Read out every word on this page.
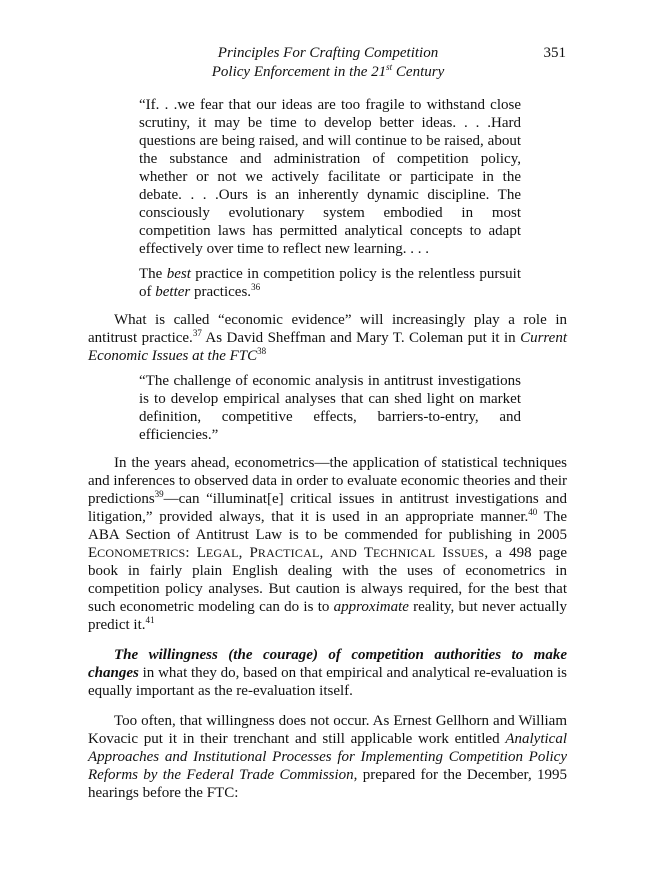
Principles For Crafting Competition
Policy Enforcement in the 21st Century
351

“If. . .we fear that our ideas are too fragile to withstand close scrutiny, it may be time to develop better ideas. . . .Hard questions are being raised, and will continue to be raised, about the substance and administration of competition policy, whether or not we actively facilitate or participate in the debate. . . .Ours is an inherently dynamic discipline. The consciously evolutionary system embodied in most competition laws has permitted analytical concepts to adapt effectively over time to reflect new learning. . . .

The best practice in competition policy is the relentless pursuit of better practices.$^{36}$

What is called “economic evidence” will increasingly play a role in antitrust practice.$^{37}$ As David Sheffman and Mary T. Coleman put it in Current Economic Issues at the FTC$^{38}$

“The challenge of economic analysis in antitrust investigations is to develop empirical analyses that can shed light on market definition, competitive effects, barriers-to-entry, and efficiencies.”

In the years ahead, econometrics—the application of statistical techniques and inferences to observed data in order to evaluate economic theories and their predictions$^{39}$—can “illuminat[e] critical issues in antitrust investigations and litigation,” provided always, that it is used in an appropriate manner.$^{40}$ The ABA Section of Antitrust Law is to be commended for publishing in 2005 ECONOMETRICS: LEGAL, PRACTICAL, AND TECHNICAL ISSUES, a 498 page book in fairly plain English dealing with the uses of econometrics in competition policy analyses. But caution is always required, for the best that such econometric modeling can do is to approximate reality, but never actually predict it.$^{41}$

The willingness (the courage) of competition authorities to make changes in what they do, based on that empirical and analytical re-evaluation is equally important as the re-evaluation itself.

Too often, that willingness does not occur. As Ernest Gellhorn and William Kovacic put it in their trenchant and still applicable work entitled Analytical Approaches and Institutional Processes for Implementing Competition Policy Reforms by the Federal Trade Commission, prepared for the December, 1995 hearings before the FTC:
